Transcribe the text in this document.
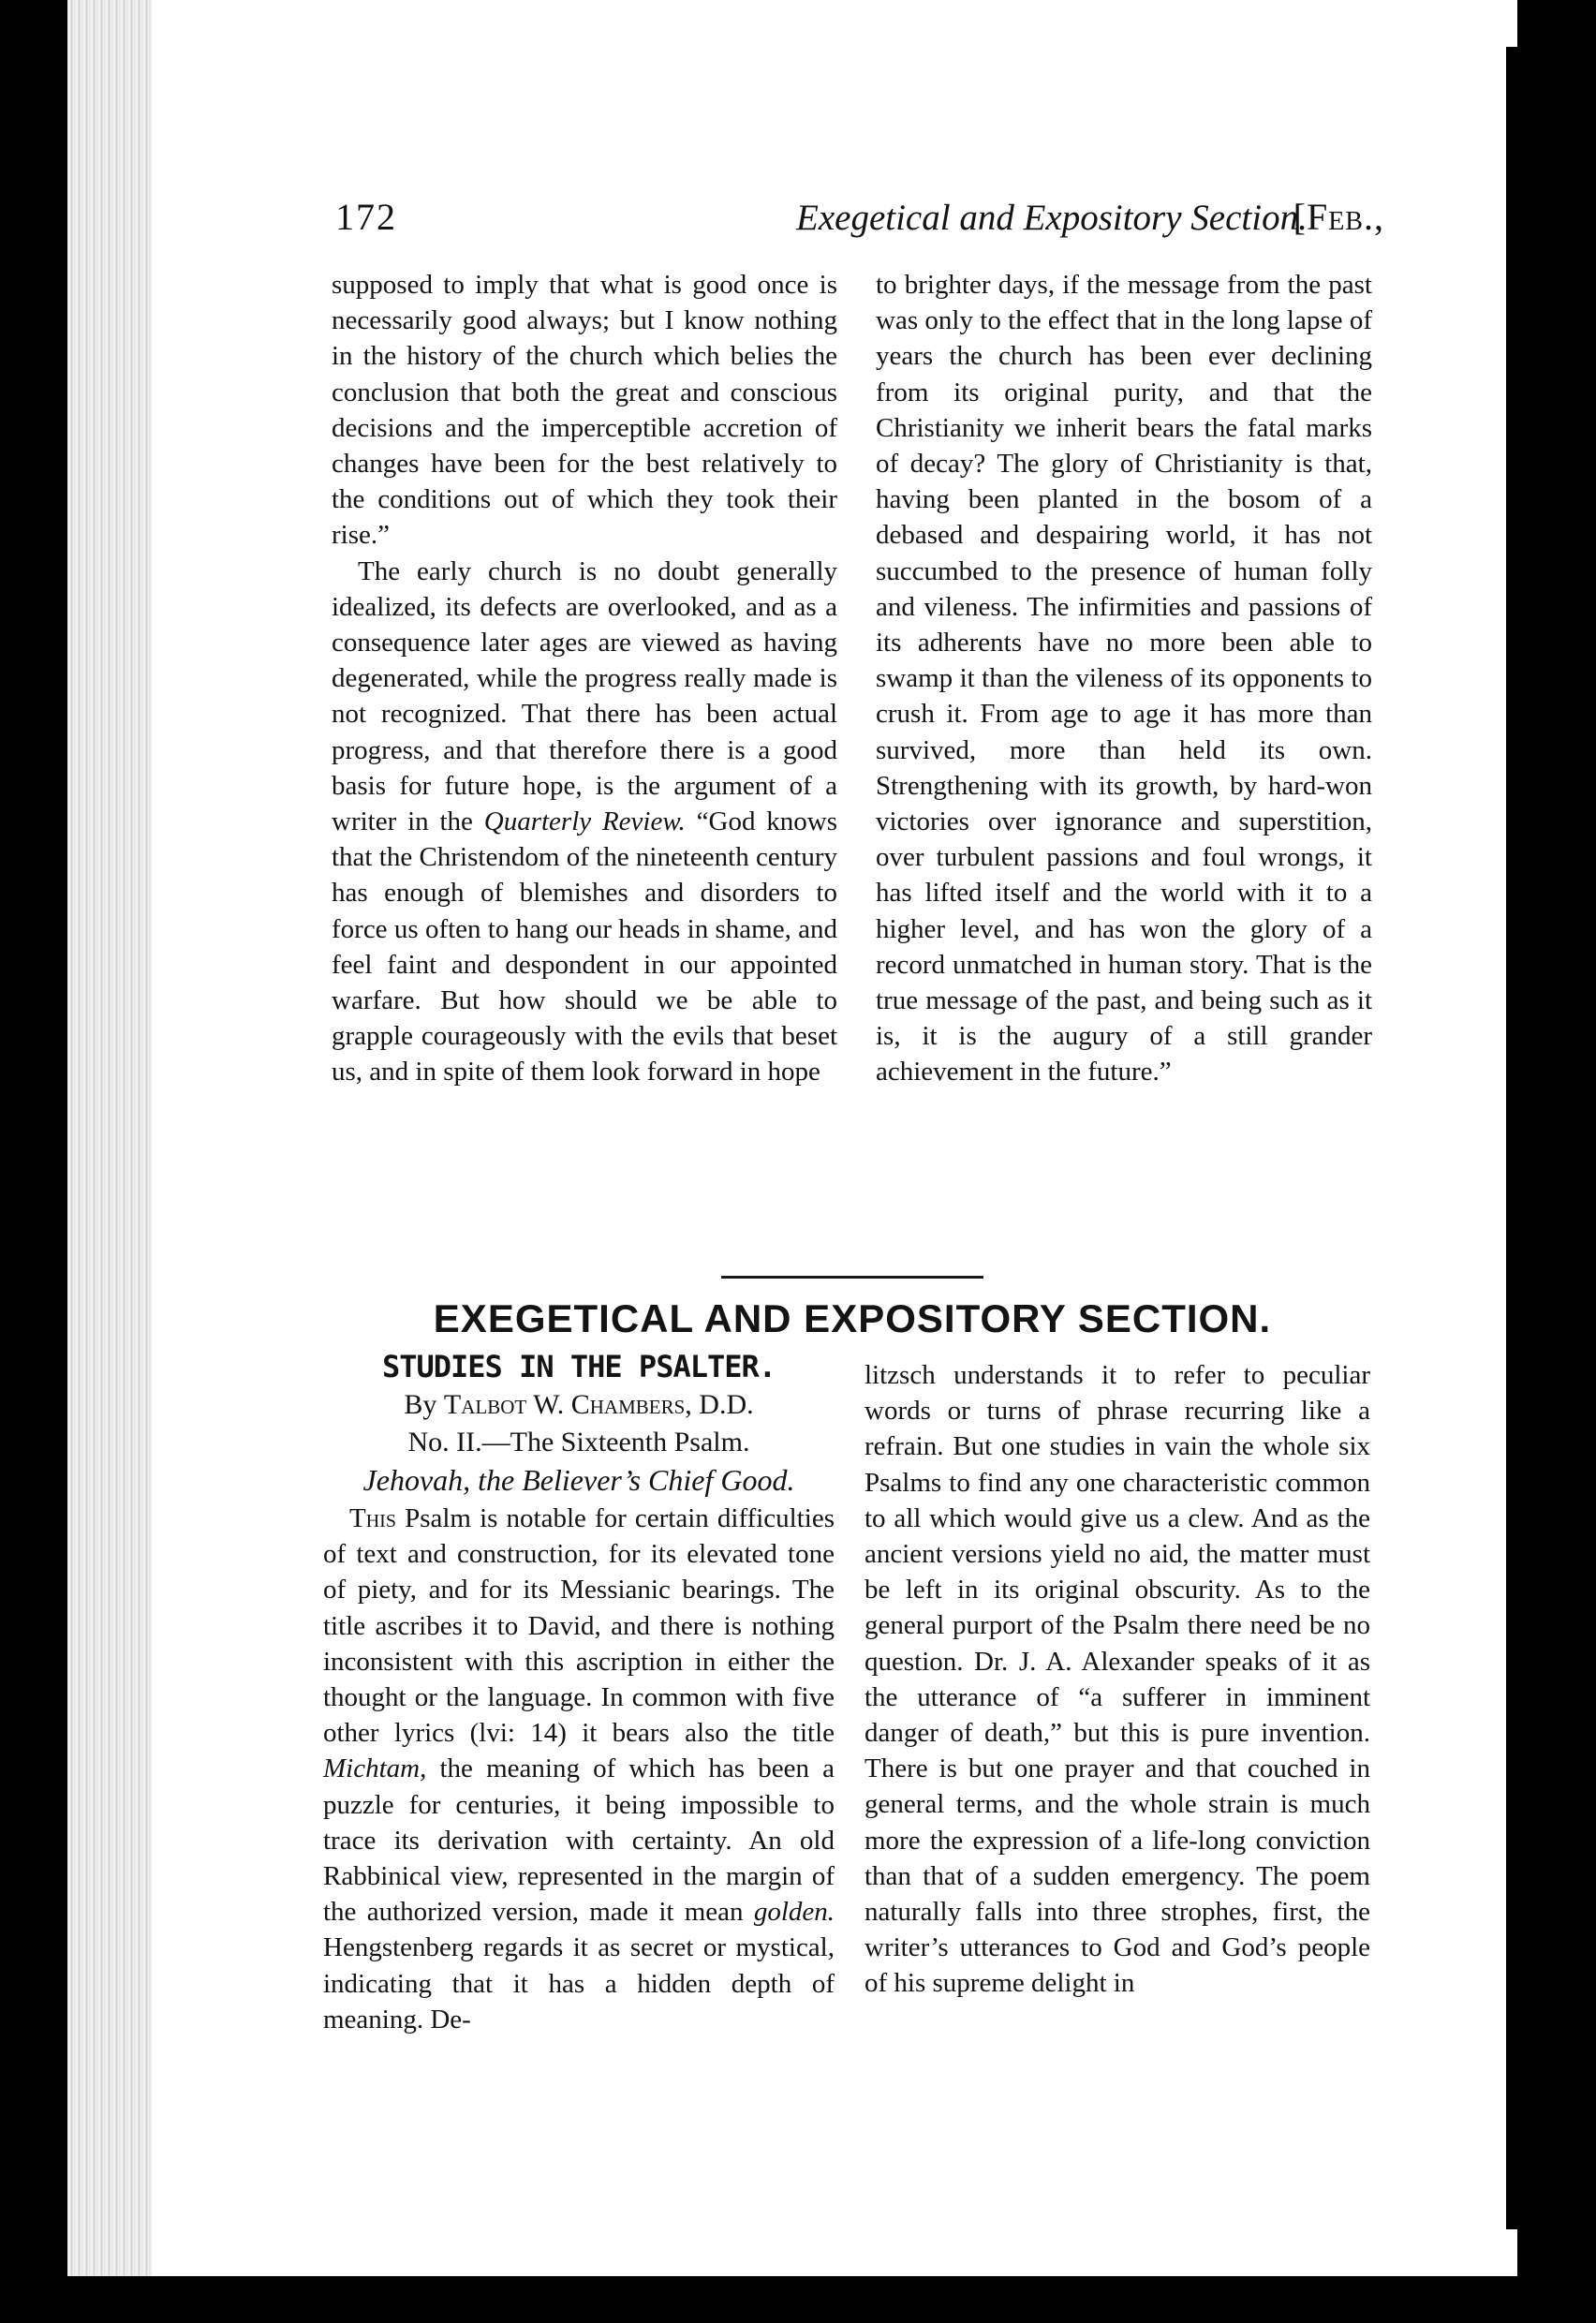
172	Exegetical and Expository Section.
[Feb.,

supposed to imply that what is good once is necessarily good always; but I know nothing in the history of the church which belies the conclusion that both the great and conscious decisions and the imperceptible accretion of changes have been for the best relatively to the conditions out of which they took their rise.”

The early church is no doubt generally idealized, its defects are overlooked, and as a consequence later ages are viewed as having degenerated, while the progress really made is not recognized. That there has been actual progress, and that therefore there is a good basis for future hope, is the argument of a writer in the Quarterly Review. “God knows that the Christendom of the nineteenth century has enough of blemishes and disorders to force us often to hang our heads in shame, and feel faint and despondent in our appointed warfare. But how should we be able to grapple courageously with the evils that beset us, and in spite of them look forward in hope

to brighter days, if the message from the past was only to the effect that in the long lapse of years the church has been ever declining from its original purity, and that the Christianity we inherit bears the fatal marks of decay? The glory of Christianity is that, having been planted in the bosom of a debased and despairing world, it has not succumbed to the presence of human folly and vileness. The infirmities and passions of its adherents have no more been able to swamp it than the vileness of its opponents to crush it. From age to age it has more than survived, more than held its own. Strengthening with its growth, by hard-won victories over ignorance and superstition, over turbulent passions and foul wrongs, it has lifted itself and the world with it to a higher level, and has won the glory of a record unmatched in human story. That is the true message of the past, and being such as it is, it is the augury of a still grander achievement in the future.”

EXEGETICAL AND EXPOSITORY SECTION.
STUDIES IN THE PSALTER.
By Talbot W. Chambers, D.D.
No. II.—The Sixteenth Psalm.
Jehovah, the Believer’s Chief Good.

This Psalm is notable for certain difficulties of text and construction, for its elevated tone of piety, and for its Messianic bearings. The title ascribes it to David, and there is nothing inconsistent with this ascription in either the thought or the language. In common with five other lyrics (lvi: 14) it bears also the title Michtam, the meaning of which has been a puzzle for centuries, it being impossible to trace its derivation with certainty. An old Rabbinical view, represented in the margin of the authorized version, made it mean golden. Hengstenberg regards it as secret or mystical, indicating that it has a hidden depth of meaning. De-

litzsch understands it to refer to peculiar words or turns of phrase recurring like a refrain. But one studies in vain the whole six Psalms to find any one characteristic common to all which would give us a clew. And as the ancient versions yield no aid, the matter must be left in its original obscurity. As to the general purport of the Psalm there need be no question. Dr. J. A. Alexander speaks of it as the utterance of “a sufferer in imminent danger of death,” but this is pure invention. There is but one prayer and that couched in general terms, and the whole strain is much more the expression of a life-long conviction than that of a sudden emergency. The poem naturally falls into three strophes, first, the writer’s utterances to God and God’s people of his supreme delight in
